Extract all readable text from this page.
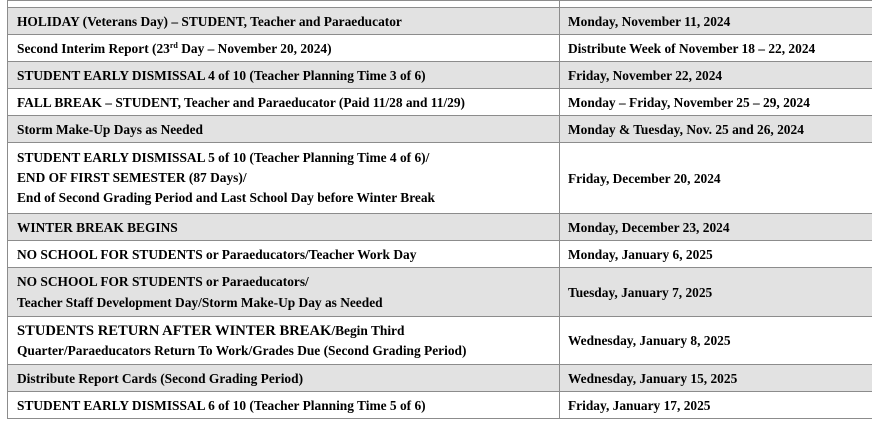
HOLIDAY (Veterans Day) – STUDENT, Teacher and Paraeducator	Monday, November 11, 2024
Second Interim Report (23rd Day – November 20, 2024)	Distribute Week of November 18 – 22, 2024
STUDENT EARLY DISMISSAL 4 of 10 (Teacher Planning Time 3 of 6)	Friday, November 22, 2024
FALL BREAK – STUDENT, Teacher and Paraeducator (Paid 11/28 and 11/29)	Monday – Friday, November 25 – 29, 2024
Storm Make-Up Days as Needed	Monday & Tuesday, Nov. 25 and 26, 2024

STUDENT EARLY DISMISSAL 5 of 10 (Teacher Planning Time 4 of 6)/
END OF FIRST SEMESTER (87 Days)/
End of Second Grading Period and Last School Day before Winter Break	Friday, December 20, 2024
WINTER BREAK BEGINS	Monday, December 23, 2024
NO SCHOOL FOR STUDENTS or Paraeducators/Teacher Work Day	Monday, January 6, 2025

NO SCHOOL FOR STUDENTS or Paraeducators/
Teacher Staff Development Day/Storm Make-Up Day as Needed	Tuesday, January 7, 2025

STUDENTS RETURN AFTER WINTER BREAK/Begin Third
Quarter/Paraeducators Return To Work/Grades Due (Second Grading Period)	Wednesday, January 8, 2025
Distribute Report Cards (Second Grading Period)	Wednesday, January 15, 2025
STUDENT EARLY DISMISSAL 6 of 10 (Teacher Planning Time 5 of 6)	Friday, January 17, 2025
